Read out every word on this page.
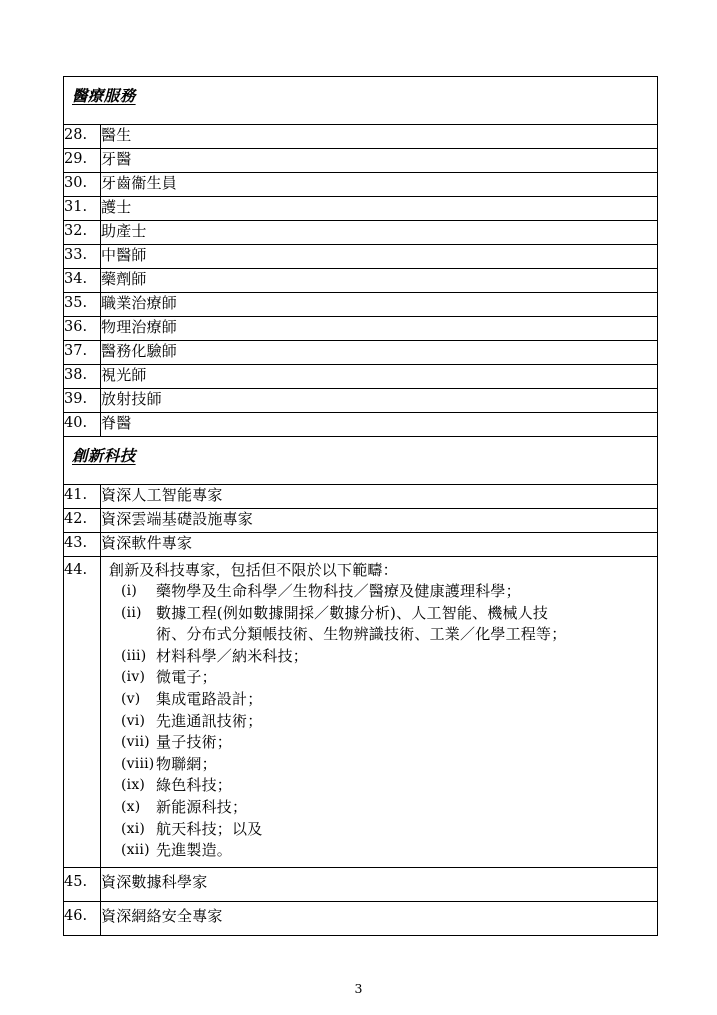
醫療服務	
28.	醫生
29.	牙醫
30.	牙齒衞生員
31.	護士
32.	助產士
33.	中醫師
34.	藥劑師
35.	職業治療師
36.	物理治療師
37.	醫務化驗師
38.	視光師
39.	放射技師
40.	脊醫
創新科技	
41.	資深人工智能專家
42.	資深雲端基礎設施專家
43.	資深軟件專家
44.	創新及科技專家，包括但不限於以下範疇：
(i)	藥物學及生命科學／生物科技／醫療及健康護理科學；
(ii) 數據工程(例如數據開採／數據分析)、人工智能、機械人技
術、分布式分類帳技術、生物辨識技術、工業／化學工程等；
(iii) 材料科學／納米科技；
(iv) 微電子；
(v)	集成電路設計；
(vi) 先進通訊技術；
(vii) 量子技術；
(viii) 物聯網；
(ix) 綠色科技；
(x)	新能源科技；
(xi) 航天科技；以及
(xii) 先進製造。

45.	資深數據科學家
46.	資深網絡安全專家
3
